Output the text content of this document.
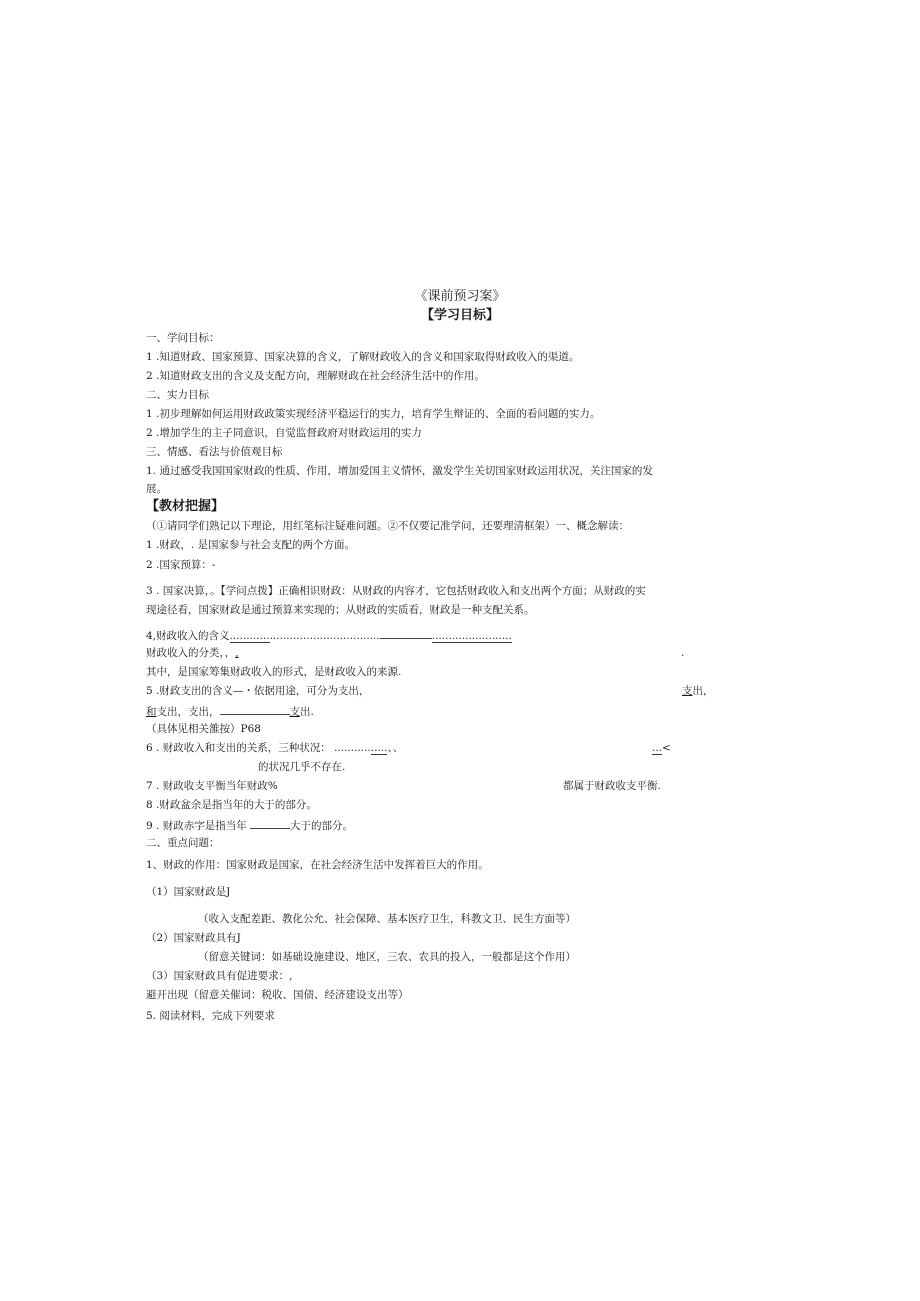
《课前预习案》
【学习目标】
一、学问目标：
1 .知道财政、国家预算、国家决算的含义，了解财政收入的含义和国家取得财政收入的渠道。
2 .知道财政支出的含义及支配方向，理解财政在社会经济生活中的作用。
二、实力目标
1 .初步理解如何运用财政政策实现经济平稳运行的实力，培育学生辩证的、全面的看问题的实力。
2 .增加学生的主子同意识，自觉监督政府对财政运用的实力
三、情感、看法与价值观目标
1. 通过感受我国国家财政的性质、作用，增加爱国主义情怀，激发学生关切国家财政运用状况，关注国家的发
展。
【教材把握】
（①请同学们熟记以下理论，用红笔标注疑难问题。②不仅要记准学问，还要理清框架）一、概念解读：
1 .财政，. 是国家参与社会支配的两个方面。
2 .国家预算：-
3 . 国家决算，。【学问点拨】正确相识财政：从财政的内容才，它包括财政收入和支出两个方面；从财政的实
现途径看，国家财政是通过预算来实现的；从财政的实质看，财政是一种支配关系。
4,财政收入的含义.............................................	........................
财政收入的分类，，,	.
其中，是国家筹集财政收入的形式，是财政收入的来源.
5 .财政支出的含义—・依据用途，可分为支出，	支出，
和支出，支出，	支出.
（具体见相关雒按）P68
6 . 财政收入和支出的关系，三种状况： ................、、	...<
的状况几乎不存在.
7 . 财政收支平衡当年财政%	都属于财政收支平衡.
8 .财政盆余是指当年的大于的部分。
9 . 财政赤字是指当年	大于的部分。
二、重点问题：
1、财政的作用：国家财政是国家，在社会经济生活中发挥着巨大的作用。
（1）国家财政是J
（收入支配差距、教化公允、社会保障、基本医疗卫生，科教文卫、民生方面等）
（2）国家财政具有J
（留意关键词：如基础设施建设、地区，三农、农具的投入，一般都是这个作用）
（3）国家财政具有促进要求：,
避开出现（留意关催词：税收、国债、经济建设支出等）
5. 阅读材料，完成下列要求
